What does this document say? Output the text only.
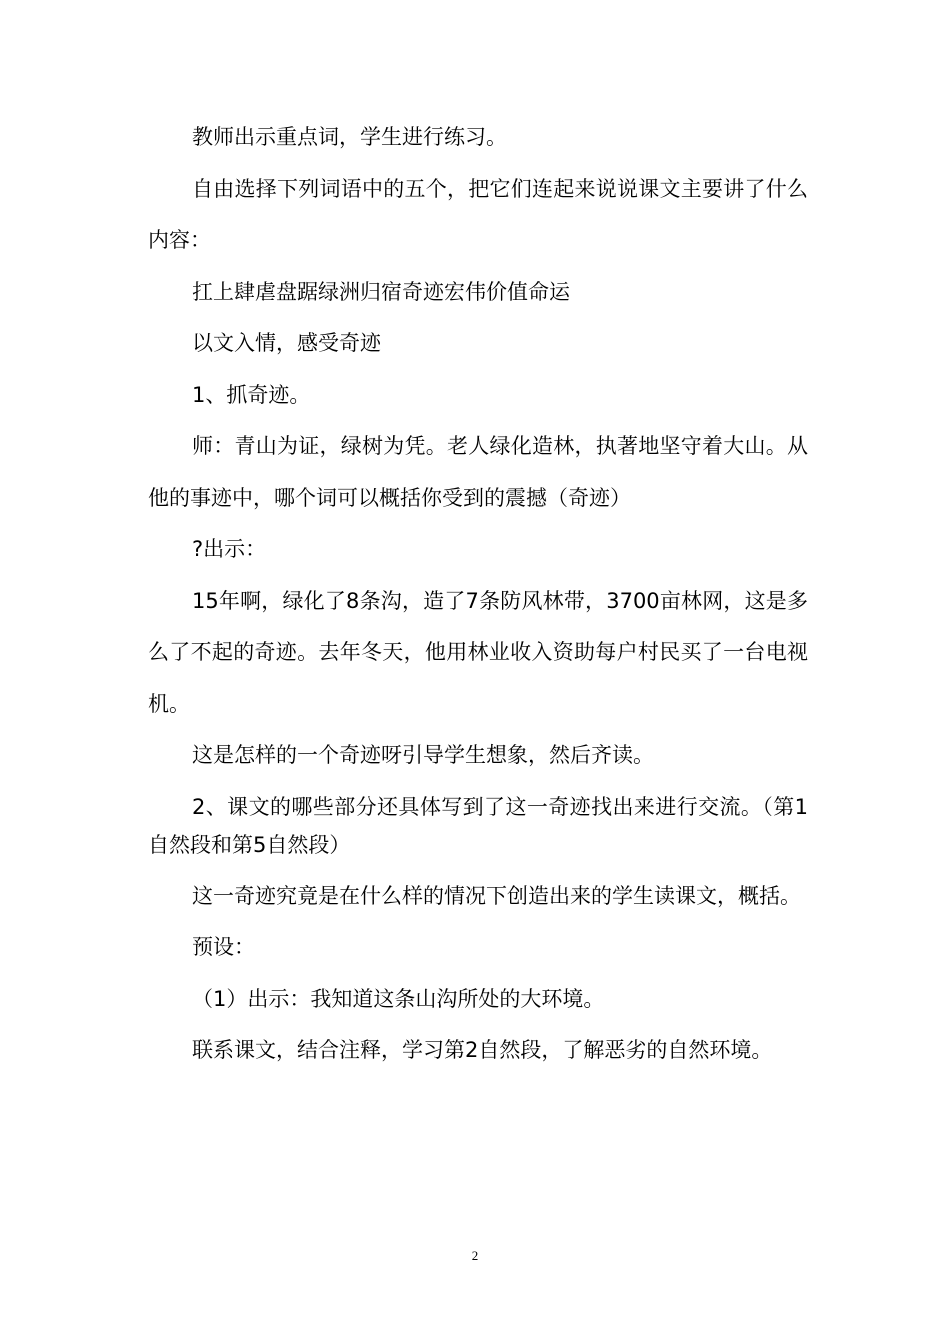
教师出示重点词，学生进行练习。

自由选择下列词语中的五个，把它们连起来说说课文主要讲了什么内容：

扛上肆虐盘踞绿洲归宿奇迹宏伟价值命运

以文入情，感受奇迹

1、抓奇迹。

师：青山为证，绿树为凭。老人绿化造林，执著地坚守着大山。从他的事迹中，哪个词可以概括你受到的震撼（奇迹）

?出示：

15年啊，绿化了8条沟，造了7条防风林带，3700亩林网，这是多么了不起的奇迹。去年冬天，他用林业收入资助每户村民买了一台电视机。

这是怎样的一个奇迹呀引导学生想象，然后齐读。

2、课文的哪些部分还具体写到了这一奇迹找出来进行交流。（第1自然段和第5自然段）

这一奇迹究竟是在什么样的情况下创造出来的学生读课文，概括。

预设：

（1）出示：我知道这条山沟所处的大环境。

联系课文，结合注释，学习第2自然段，了解恶劣的自然环境。

2
